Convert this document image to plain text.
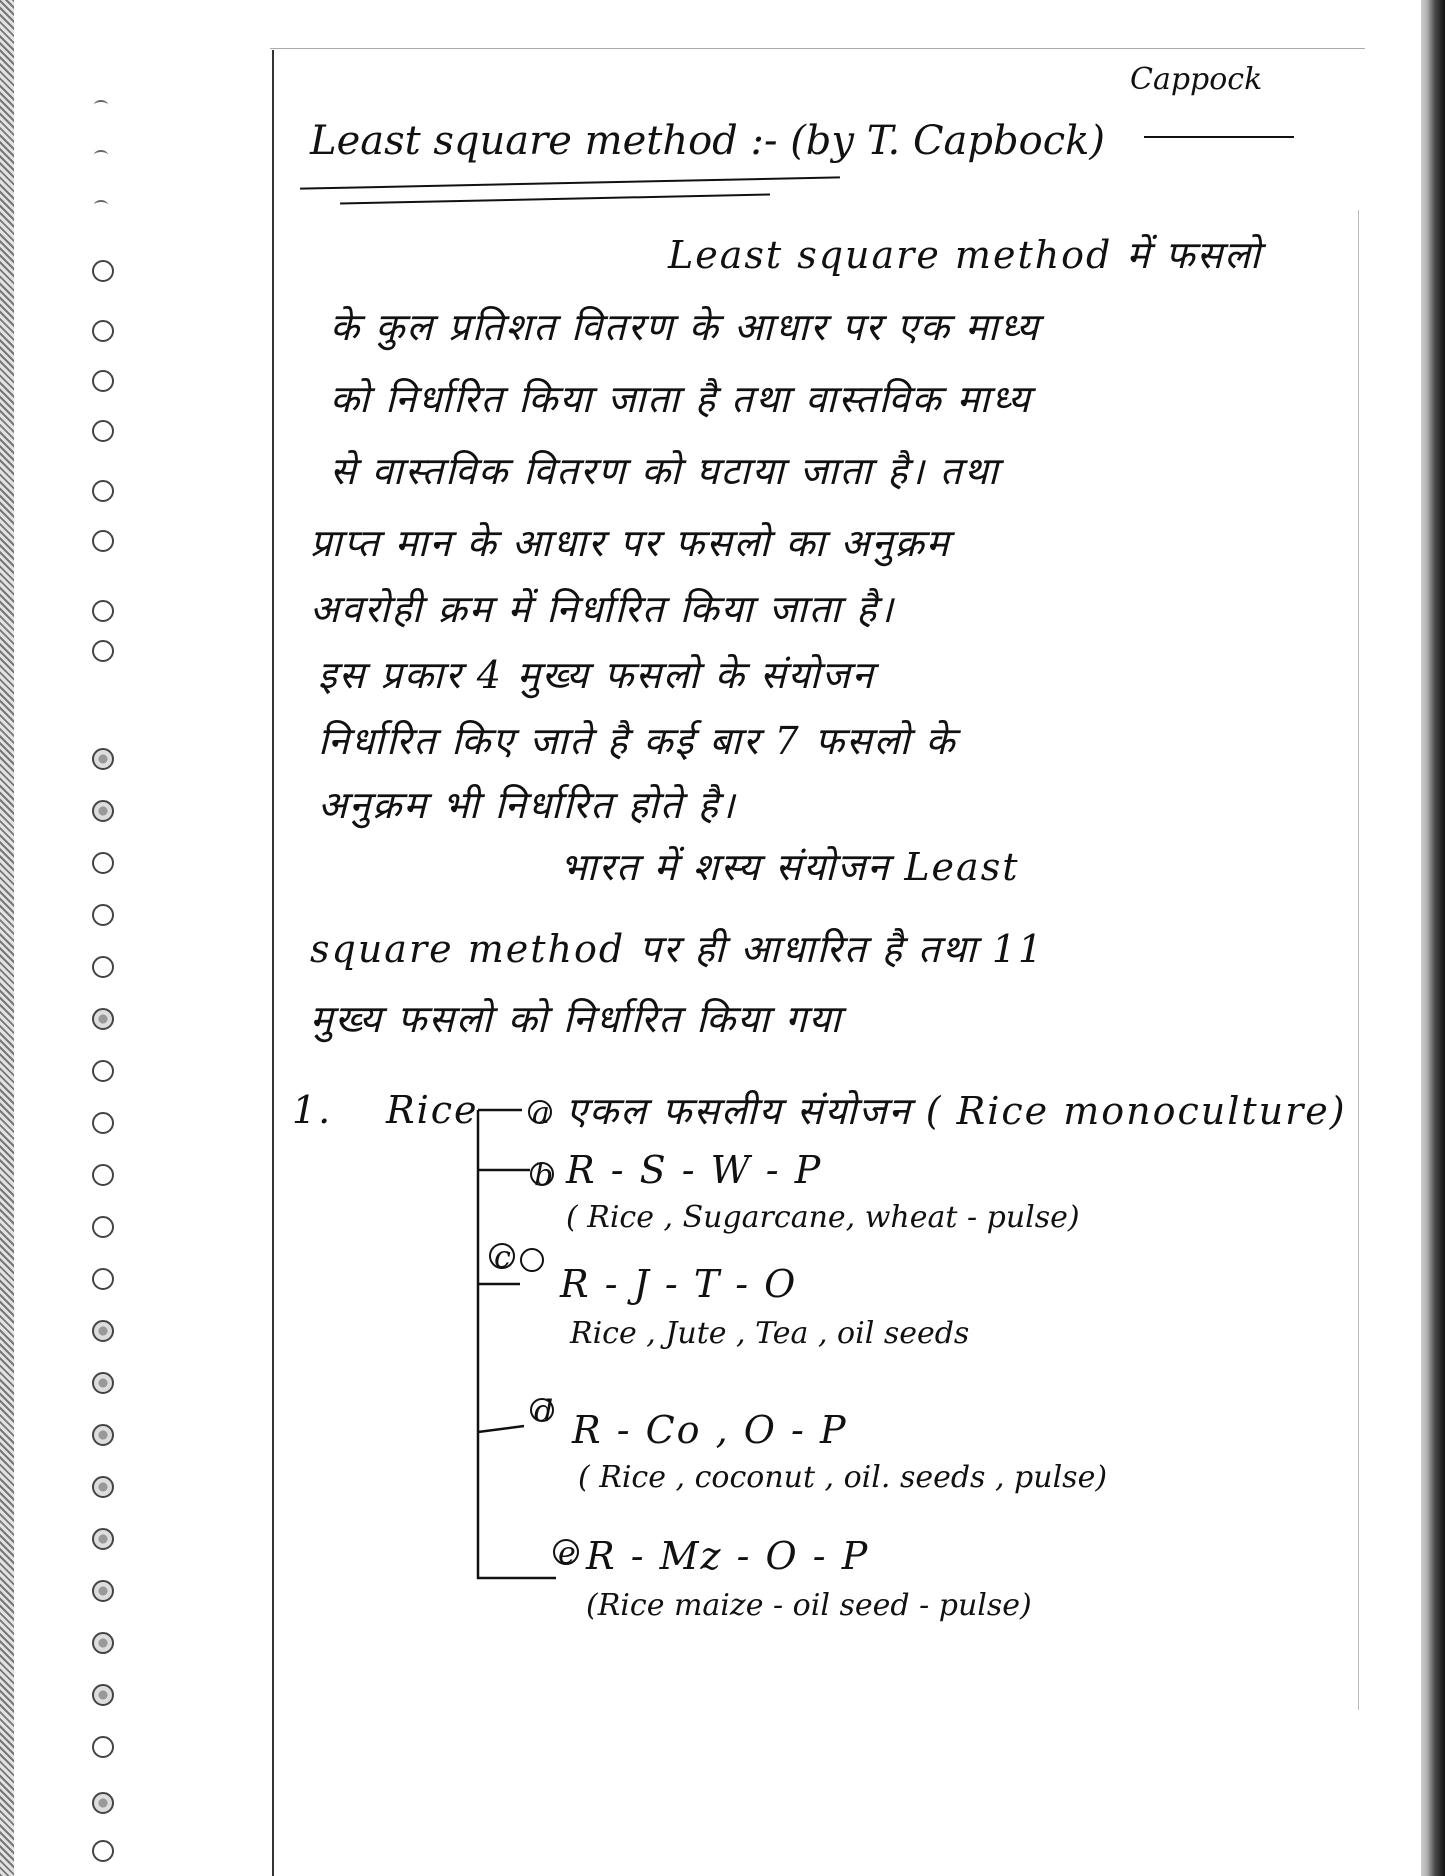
Cappock
Least square method :- (by T. Capbock)
Least square method में फसलो
के कुल प्रतिशत वितरण के आधार पर एक माध्य
को निर्धारित किया जाता है तथा वास्तविक माध्य
से वास्तविक वितरण को घटाया जाता है। तथा
प्राप्त मान के आधार पर फसलो का अनुक्रम
अवरोही क्रम में निर्धारित किया जाता है।
इस प्रकार 4 मुख्य फसलो के संयोजन
निर्धारित किए जाते है कई बार 7 फसलो के
अनुक्रम भी निर्धारित होते है।
भारत में शस्य संयोजन Least
square method पर ही आधारित है तथा 11
मुख्य फसलो को निर्धारित किया गया
1. Rice a एकल फसलीय संयोजन ( Rice monoculture)
b R - S - W - P
( Rice , Sugarcane, wheat - pulse)
c
R - J - T - O
Rice , Jute , Tea , oil seeds
d R - Co , O - P
( Rice , coconut , oil. seeds , pulse)
e R - Mz - O - P
(Rice maize - oil seed - pulse)
